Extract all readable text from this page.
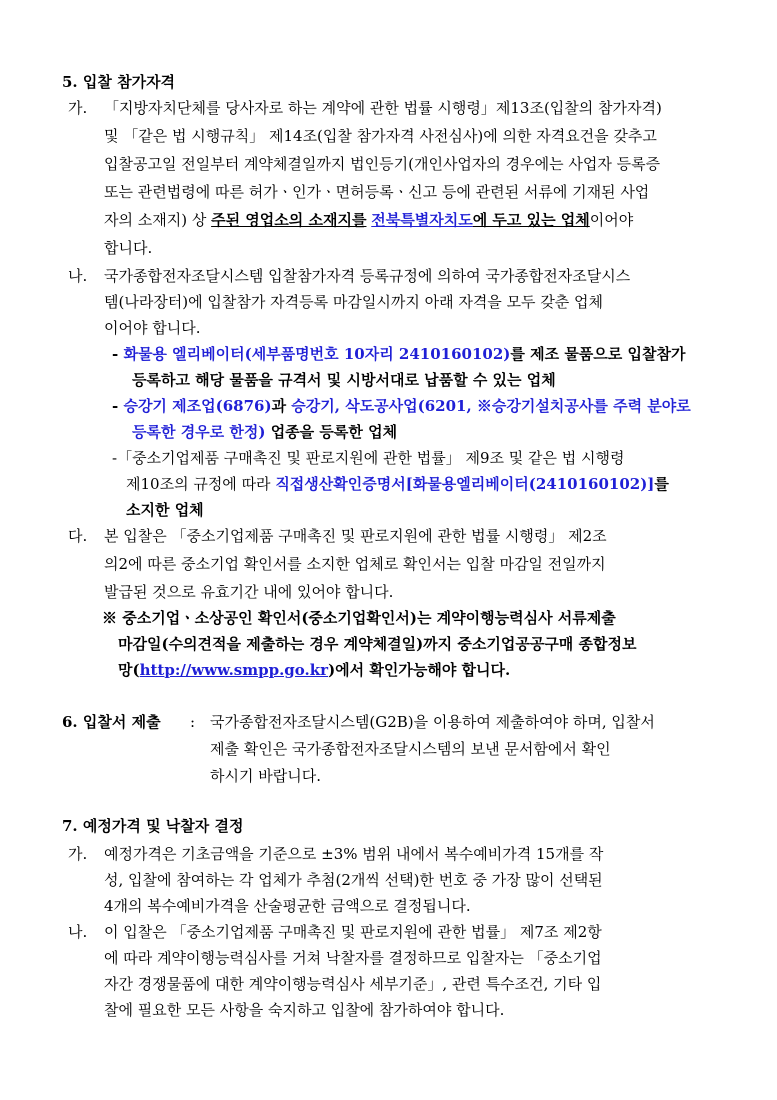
5. 입찰 참가자격
가. 「지방자치단체를 당사자로 하는 계약에 관한 법률 시행령」제13조(입찰의 참가자격)
및 「같은 법 시행규칙」 제14조(입찰 참가자격 사전심사)에 의한 자격요건을 갖추고
입찰공고일 전일부터 계약체결일까지 법인등기(개인사업자의 경우에는 사업자 등록증
또는 관련법령에 따른 허가ㆍ인가ㆍ면허등록ㆍ신고 등에 관련된 서류에 기재된 사업
자의 소재지) 상 주된 영업소의 소재지를 전북특별자치도에 두고 있는 업체이어야
합니다.
나. 국가종합전자조달시스템 입찰참가자격 등록규정에 의하여 국가종합전자조달시스
템(나라장터)에 입찰참가 자격등록 마감일시까지 아래 자격을 모두 갖춘 업체
이어야 합니다.
- 화물용 엘리베이터(세부품명번호 10자리 2410160102)를 제조 물품으로 입찰참가
등록하고 해당 물품을 규격서 및 시방서대로 납품할 수 있는 업체
- 승강기 제조업(6876)과 승강기, 삭도공사업(6201, ※승강기설치공사를 주력 분야로
등록한 경우로 한정) 업종을 등록한 업체
-「중소기업제품 구매촉진 및 판로지원에 관한 법률」 제9조 및 같은 법 시행령
제10조의 규정에 따라 직접생산확인증명서[화물용엘리베이터(2410160102)]를
소지한 업체
다. 본 입찰은 「중소기업제품 구매촉진 및 판로지원에 관한 법률 시행령」 제2조
의2에 따른 중소기업 확인서를 소지한 업체로 확인서는 입찰 마감일 전일까지
발급된 것으로 유효기간 내에 있어야 합니다.
※ 중소기업ㆍ소상공인 확인서(중소기업확인서)는 계약이행능력심사 서류제출
마감일(수의견적을 제출하는 경우 계약체결일)까지 중소기업공공구매 종합정보
망(http://www.smpp.go.kr)에서 확인가능해야 합니다.
6. 입찰서 제출 : 국가종합전자조달시스템(G2B)을 이용하여 제출하여야 하며, 입찰서
제출 확인은 국가종합전자조달시스템의 보낸 문서함에서 확인
하시기 바랍니다.
7. 예정가격 및 낙찰자 결정
가. 예정가격은 기초금액을 기준으로 ±3% 범위 내에서 복수예비가격 15개를 작
성, 입찰에 참여하는 각 업체가 추첨(2개씩 선택)한 번호 중 가장 많이 선택된
4개의 복수예비가격을 산술평균한 금액으로 결정됩니다.
나. 이 입찰은 「중소기업제품 구매촉진 및 판로지원에 관한 법률」 제7조 제2항
에 따라 계약이행능력심사를 거쳐 낙찰자를 결정하므로 입찰자는 「중소기업
자간 경쟁물품에 대한 계약이행능력심사 세부기준」, 관련 특수조건, 기타 입
찰에 필요한 모든 사항을 숙지하고 입찰에 참가하여야 합니다.
